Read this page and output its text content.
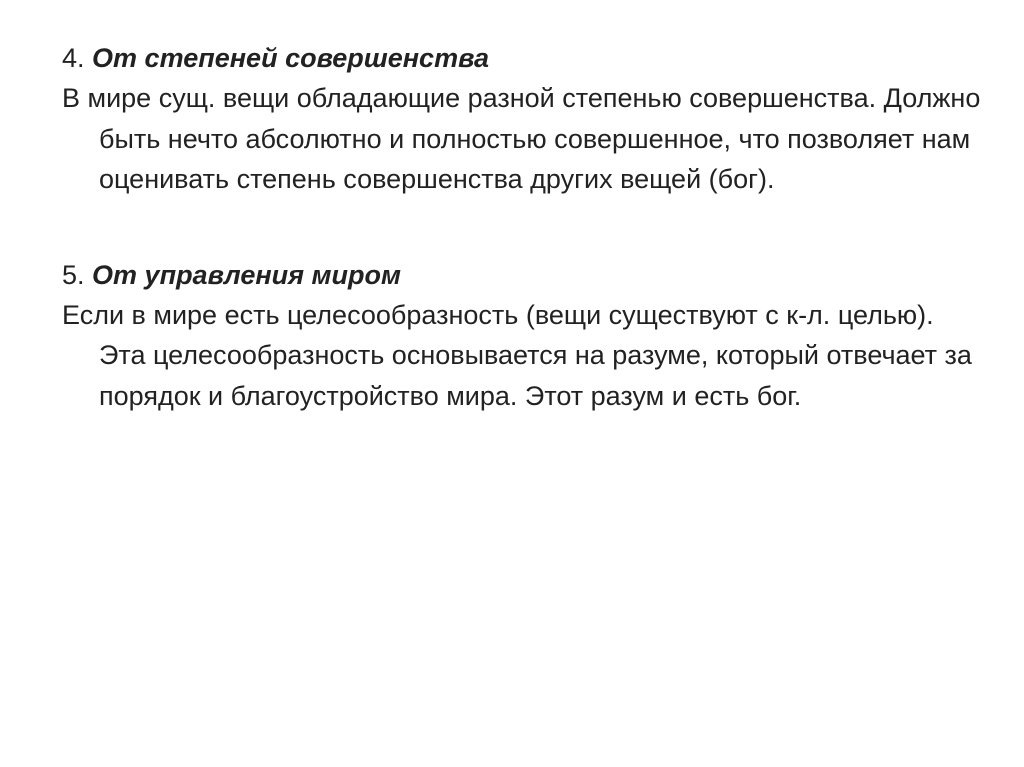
4. От степеней совершенства

В мире сущ. вещи обладающие разной степенью совершенства. Должно быть нечто абсолютно и полностью совершенное, что позволяет нам оценивать степень совершенства других вещей (бог).

5. От управления миром

Если в мире есть целесообразность (вещи существуют с к-л. целью). Эта целесообразность основывается на разуме, который отвечает за порядок и благоустройство мира. Этот разум и есть бог.
